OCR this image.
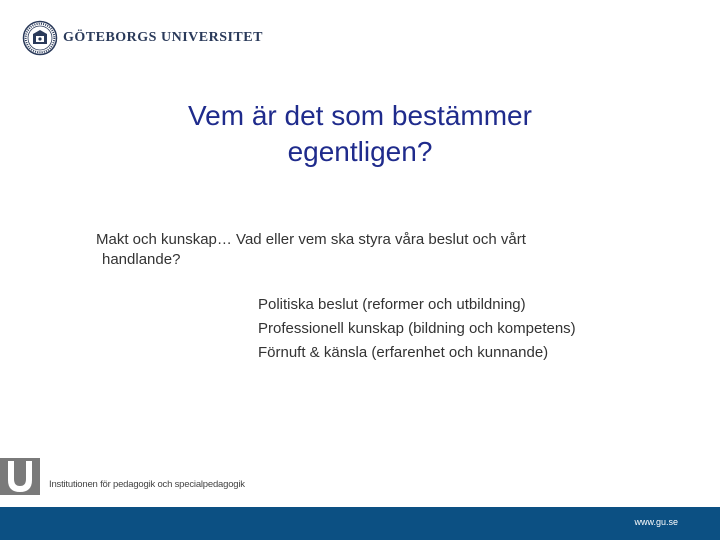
GÖTEBORGS UNIVERSITET
Vem är det som bestämmer
egentligen?
Makt och kunskap… Vad eller vem ska styra våra beslut och vårt
handlande?
Politiska beslut (reformer och utbildning)
Professionell kunskap (bildning och kompetens)
Förnuft & känsla (erfarenhet och kunnande)
Institutionen för pedagogik och specialpedagogik
www.gu.se
